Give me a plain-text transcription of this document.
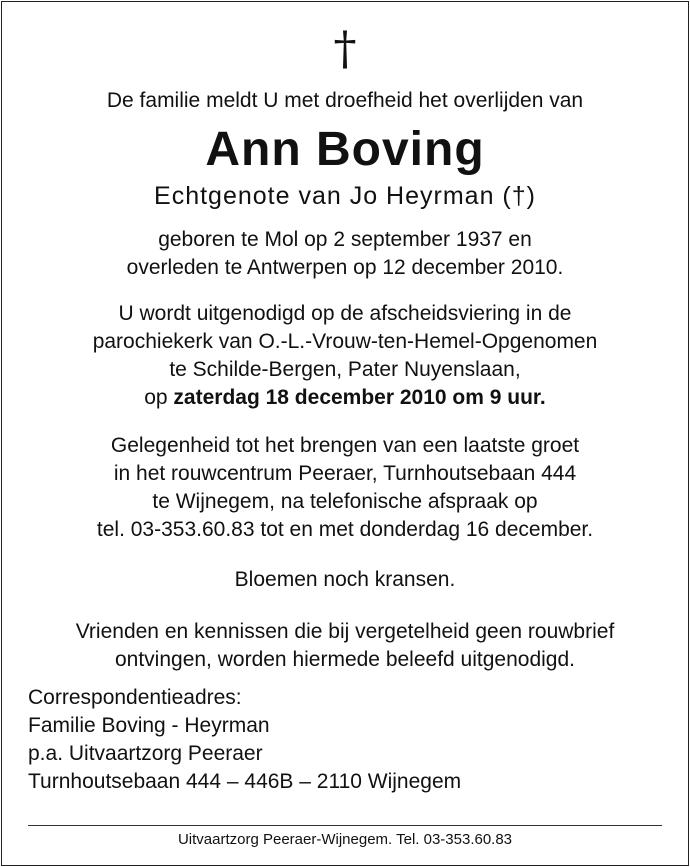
†
De familie meldt U met droefheid het overlijden van
Ann Boving
Echtgenote van Jo Heyrman (†)
geboren te Mol op 2 september 1937 en
overleden te Antwerpen op 12 december 2010.
U wordt uitgenodigd op de afscheidsviering in de
parochiekerk van O.-L.-Vrouw-ten-Hemel-Opgenomen
te Schilde-Bergen, Pater Nuyenslaan,
op zaterdag 18 december 2010 om 9 uur.
Gelegenheid tot het brengen van een laatste groet
in het rouwcentrum Peeraer, Turnhoutsebaan 444
te Wijnegem, na telefonische afspraak op
tel. 03-353.60.83 tot en met donderdag 16 december.
Bloemen noch kransen.
Vrienden en kennissen die bij vergetelheid geen rouwbrief
ontvingen, worden hiermede beleefd uitgenodigd.
Correspondentieadres:
Familie Boving - Heyrman
p.a. Uitvaartzorg Peeraer
Turnhoutsebaan 444 – 446B – 2110 Wijnegem
Uitvaartzorg Peeraer-Wijnegem. Tel. 03-353.60.83
